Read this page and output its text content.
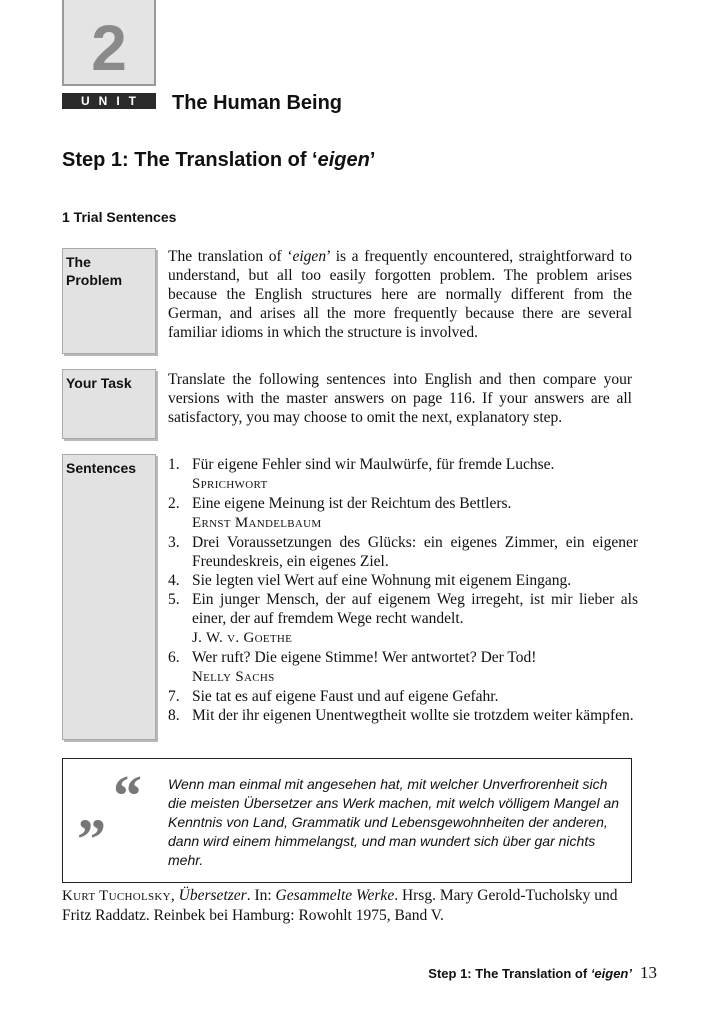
2
UNIT	The Human Being
Step 1: The Translation of ‘eigen’
1 Trial Sentences
The Problem
The translation of ‘eigen’ is a frequently encountered, straightforward to understand, but all too easily forgotten problem. The problem arises because the English structures here are normally different from the German, and arises all the more frequently because there are several familiar idioms in which the structure is involved.
Your Task	Translate the following sentences into English and then compare your versions with the master answers on page 116. If your answers are all satisfactory, you may choose to omit the next, explanatory step.
Sentences	1. Für eigene Fehler sind wir Maulwürfe, für fremde Luchse.
Sprichwort
2. Eine eigene Meinung ist der Reichtum des Bettlers.
Ernst Mandelbaum
3. Drei Voraussetzungen des Glücks: ein eigenes Zimmer, ein eigener Freundeskreis, ein eigenes Ziel.
4. Sie legten viel Wert auf eine Wohnung mit eigenem Eingang.
5. Ein junger Mensch, der auf eigenem Weg irregeht, ist mir lieber als einer, der auf fremdem Wege recht wandelt.
J. W. v. Goethe
6. Wer ruft? Die eigene Stimme! Wer antwortet? Der Tod!
Nelly Sachs
7. Sie tat es auf eigene Faust und auf eigene Gefahr.
8. Mit der ihr eigenen Unentwegtheit wollte sie trotzdem weiter kämpfen.
“
”
Wenn man einmal mit angesehen hat, mit welcher Unverfrorenheit sich die meisten Übersetzer ans Werk machen, mit welch völligem Mangel an Kenntnis von Land, Grammatik und Lebensgewohnheiten der anderen, dann wird einem himmelangst, und man wundert sich über gar nichts mehr.
Kurt Tucholsky, Übersetzer. In: Gesammelte Werke. Hrsg. Mary Gerold-Tucholsky und Fritz Raddatz. Reinbek bei Hamburg: Rowohlt 1975, Band V.
Step 1: The Translation of ‘eigen’ 13
